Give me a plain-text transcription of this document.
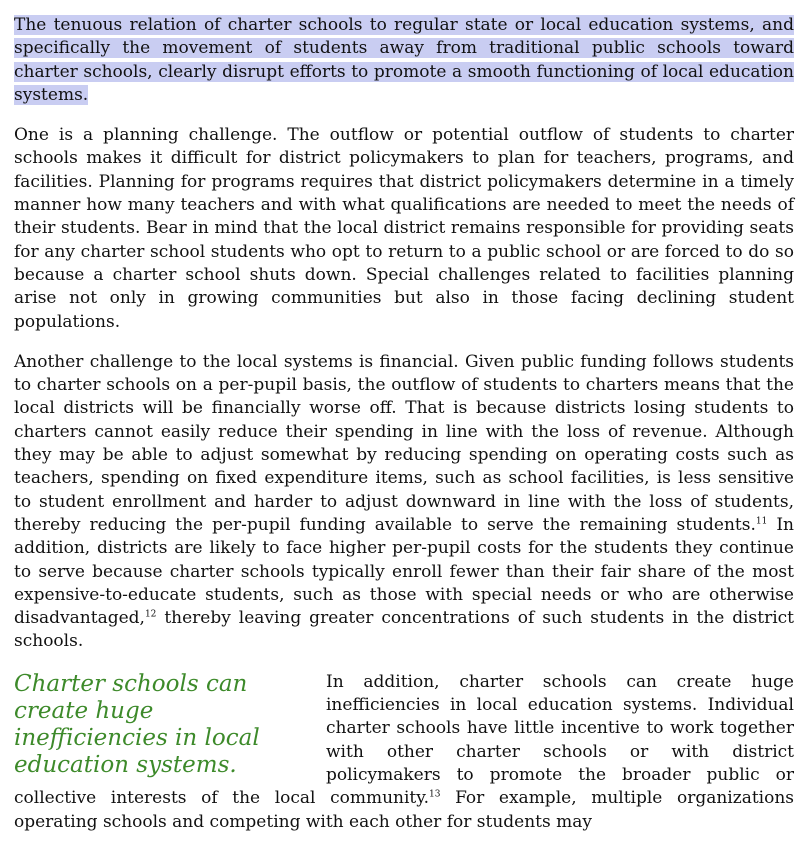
The tenuous relation of charter schools to regular state or local education systems, and specifically the movement of students away from traditional public schools toward charter schools, clearly disrupt efforts to promote a smooth functioning of local education systems.

One is a planning challenge. The outflow or potential outflow of students to charter schools makes it difficult for district policymakers to plan for teachers, programs, and facilities. Planning for programs requires that district policymakers determine in a timely manner how many teachers and with what qualifications are needed to meet the needs of their students. Bear in mind that the local district remains responsible for providing seats for any charter school students who opt to return to a public school or are forced to do so because a charter school shuts down. Special challenges related to facilities planning arise not only in growing communities but also in those facing declining student populations.

Another challenge to the local systems is financial. Given public funding follows students to charter schools on a per-pupil basis, the outflow of students to charters means that the local districts will be financially worse off. That is because districts losing students to charters cannot easily reduce their spending in line with the loss of revenue. Although they may be able to adjust somewhat by reducing spending on operating costs such as teachers, spending on fixed expenditure items, such as school facilities, is less sensitive to student enrollment and harder to adjust downward in line with the loss of students, thereby reducing the per-pupil funding available to serve the remaining students.$^{11}$ In addition, districts are likely to face higher per-pupil costs for the students they continue to serve because charter schools typically enroll fewer than their fair share of the most expensive-to-educate students, such as those with special needs or who are otherwise disadvantaged,$^{12}$ thereby leaving greater concentrations of such students in the district schools.

Charter schools can create huge inefficiencies in local education systems.

In addition, charter schools can create huge inefficiencies in local education systems. Individual charter schools have little incentive to work together with other charter schools or with district policymakers to promote the broader public or collective interests of the local community.$^{13}$ For example, multiple organizations operating schools and competing with each other for students may
